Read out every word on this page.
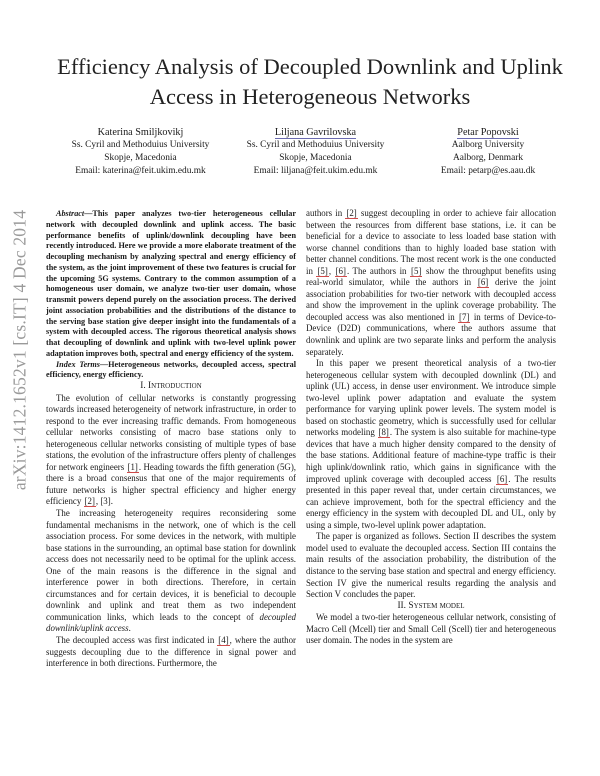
arXiv:1412.1652v1 [cs.IT] 4 Dec 2014
Efficiency Analysis of Decoupled Downlink and Uplink Access in Heterogeneous Networks
Katerina Smiljkovikj
Ss. Cyril and Methoduius University
Skopje, Macedonia
Email: katerina@feit.ukim.edu.mk
Liljana Gavrilovska
Ss. Cyril and Methoduius University
Skopje, Macedonia
Email: liljana@feit.ukim.edu.mk
Petar Popovski
Aalborg University
Aalborg, Denmark
Email: petarp@es.aau.dk

Abstract—This paper analyzes two-tier heterogeneous cellular network with decoupled downlink and uplink access. The basic performance benefits of uplink/downlink decoupling have been recently introduced. Here we provide a more elaborate treatment of the decoupling mechanism by analyzing spectral and energy efficiency of the system, as the joint improvement of these two features is crucial for the upcoming 5G systems. Contrary to the common assumption of a homogeneous user domain, we analyze two-tier user domain, whose transmit powers depend purely on the association process. The derived joint association probabilities and the distributions of the distance to the serving base station give deeper insight into the fundamentals of a system with decoupled access. The rigorous theoretical analysis shows that decoupling of downlink and uplink with two-level uplink power adaptation improves both, spectral and energy efficiency of the system.

Index Terms—Heterogeneous networks, decoupled access, spectral efficiency, energy efficiency.

I. Introduction

The evolution of cellular networks is constantly progressing towards increased heterogeneity of network infrastructure, in order to respond to the ever increasing traffic demands. From homogeneous cellular networks consisting of macro base stations only to heterogeneous cellular networks consisting of multiple types of base stations, the evolution of the infrastructure offers plenty of challenges for network engineers [1]. Heading towards the fifth generation (5G), there is a broad consensus that one of the major requirements of future networks is higher spectral efficiency and higher energy efficiency [2], [3].

The increasing heterogeneity requires reconsidering some fundamental mechanisms in the network, one of which is the cell association process. For some devices in the network, with multiple base stations in the surrounding, an optimal base station for downlink access does not necessarily need to be optimal for the uplink access. One of the main reasons is the difference in the signal and interference power in both directions. Therefore, in certain circumstances and for certain devices, it is beneficial to decouple downlink and uplink and treat them as two independent communication links, which leads to the concept of decoupled downlink/uplink access.

The decoupled access was first indicated in [4], where the author suggests decoupling due to the difference in signal power and interference in both directions. Furthermore, the

authors in [2] suggest decoupling in order to achieve fair allocation between the resources from different base stations, i.e. it can be beneficial for a device to associate to less loaded base station with worse channel conditions than to highly loaded base station with better channel conditions. The most recent work is the one conducted in [5], [6]. The authors in [5] show the throughput benefits using real-world simulator, while the authors in [6] derive the joint association probabilities for two-tier network with decoupled access and show the improvement in the uplink coverage probability. The decoupled access was also mentioned in [7] in terms of Device-to-Device (D2D) communications, where the authors assume that downlink and uplink are two separate links and perform the analysis separately.

In this paper we present theoretical analysis of a two-tier heterogeneous cellular system with decoupled downlink (DL) and uplink (UL) access, in dense user environment. We introduce simple two-level uplink power adaptation and evaluate the system performance for varying uplink power levels. The system model is based on stochastic geometry, which is successfully used for cellular networks modeling [8]. The system is also suitable for machine-type devices that have a much higher density compared to the density of the base stations. Additional feature of machine-type traffic is their high uplink/downlink ratio, which gains in significance with the improved uplink coverage with decoupled access [6]. The results presented in this paper reveal that, under certain circumstances, we can achieve improvement, both for the spectral efficiency and the energy efficiency in the system with decoupled DL and UL, only by using a simple, two-level uplink power adaptation.

The paper is organized as follows. Section II describes the system model used to evaluate the decoupled access. Section III contains the main results of the association probability, the distribution of the distance to the serving base station and spectral and energy efficiency. Section IV give the numerical results regarding the analysis and Section V concludes the paper.

II. System model

We model a two-tier heterogeneous cellular network, consisting of Macro Cell (Mcell) tier and Small Cell (Scell) tier and heterogeneous user domain. The nodes in the system are
